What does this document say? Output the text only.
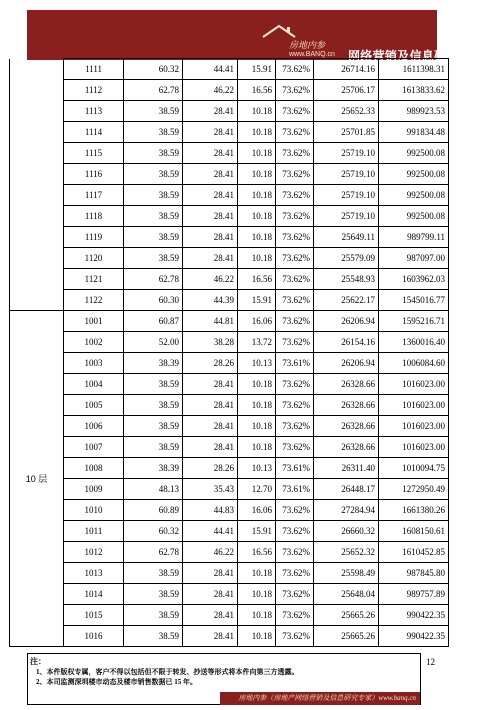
房地内参
www.BANQ.cn 网络营销及信息研究专家
	1111	60.32	44.41	15.91	73.62%	26714.16	1611398.31
	1112	62.78	46.22	16.56	73.62%	25706.17	1613833.62
	1113	38.59	28.41	10.18	73.62%	25652.33	989923.53
	1114	38.59	28.41	10.18	73.62%	25701.85	991834.48
	1115	38.59	28.41	10.18	73.62%	25719.10	992500.08
	1116	38.59	28.41	10.18	73.62%	25719.10	992500.08
	1117	38.59	28.41	10.18	73.62%	25719.10	992500.08
	1118	38.59	28.41	10.18	73.62%	25719.10	992500.08
	1119	38.59	28.41	10.18	73.62%	25649.11	989799.11
	1120	38.59	28.41	10.18	73.62%	25579.09	987097.00
	1121	62.78	46.22	16.56	73.62%	25548.93	1603962.03
	1122	60.30	44.39	15.91	73.62%	25622.17	1545016.77
10 层	1001	60.87	44.81	16.06	73.62%	26206.94	1595216.71
	1002	52.00	38.28	13.72	73.62%	26154.16	1360016.40
	1003	38.39	28.26	10.13	73.61%	26206.94	1006084.60
	1004	38.59	28.41	10.18	73.62%	26328.66	1016023.00
	1005	38.59	28.41	10.18	73.62%	26328.66	1016023.00
	1006	38.59	28.41	10.18	73.62%	26328.66	1016023.00
	1007	38.59	28.41	10.18	73.62%	26328.66	1016023.00
	1008	38.39	28.26	10.13	73.61%	26311.40	1010094.75
	1009	48.13	35.43	12.70	73.61%	26448.17	1272950.49
	1010	60.89	44.83	16.06	73.62%	27284.94	1661380.26
	1011	60.32	44.41	15.91	73.62%	26660.32	1608150.61
	1012	62.78	46.22	16.56	73.62%	25652.32	1610452.85
	1013	38.59	28.41	10.18	73.62%	25598.49	987845.80
	1014	38.59	28.41	10.18	73.62%	25648.04	989757.89
	1015	38.59	28.41	10.18	73.62%	25665.26	990422.35
	1016	38.59	28.41	10.18	73.62%	25665.26	990422.35
注：
1、本件版权专属，客户不得以包括但不限于转发、抄送等形式将本件向第三方透露。
2、本司监测深圳楼市动态及楼市销售数据已 15 年。
房地内参（房地产网络营销及信息研究专家）www.banq.cn
12
